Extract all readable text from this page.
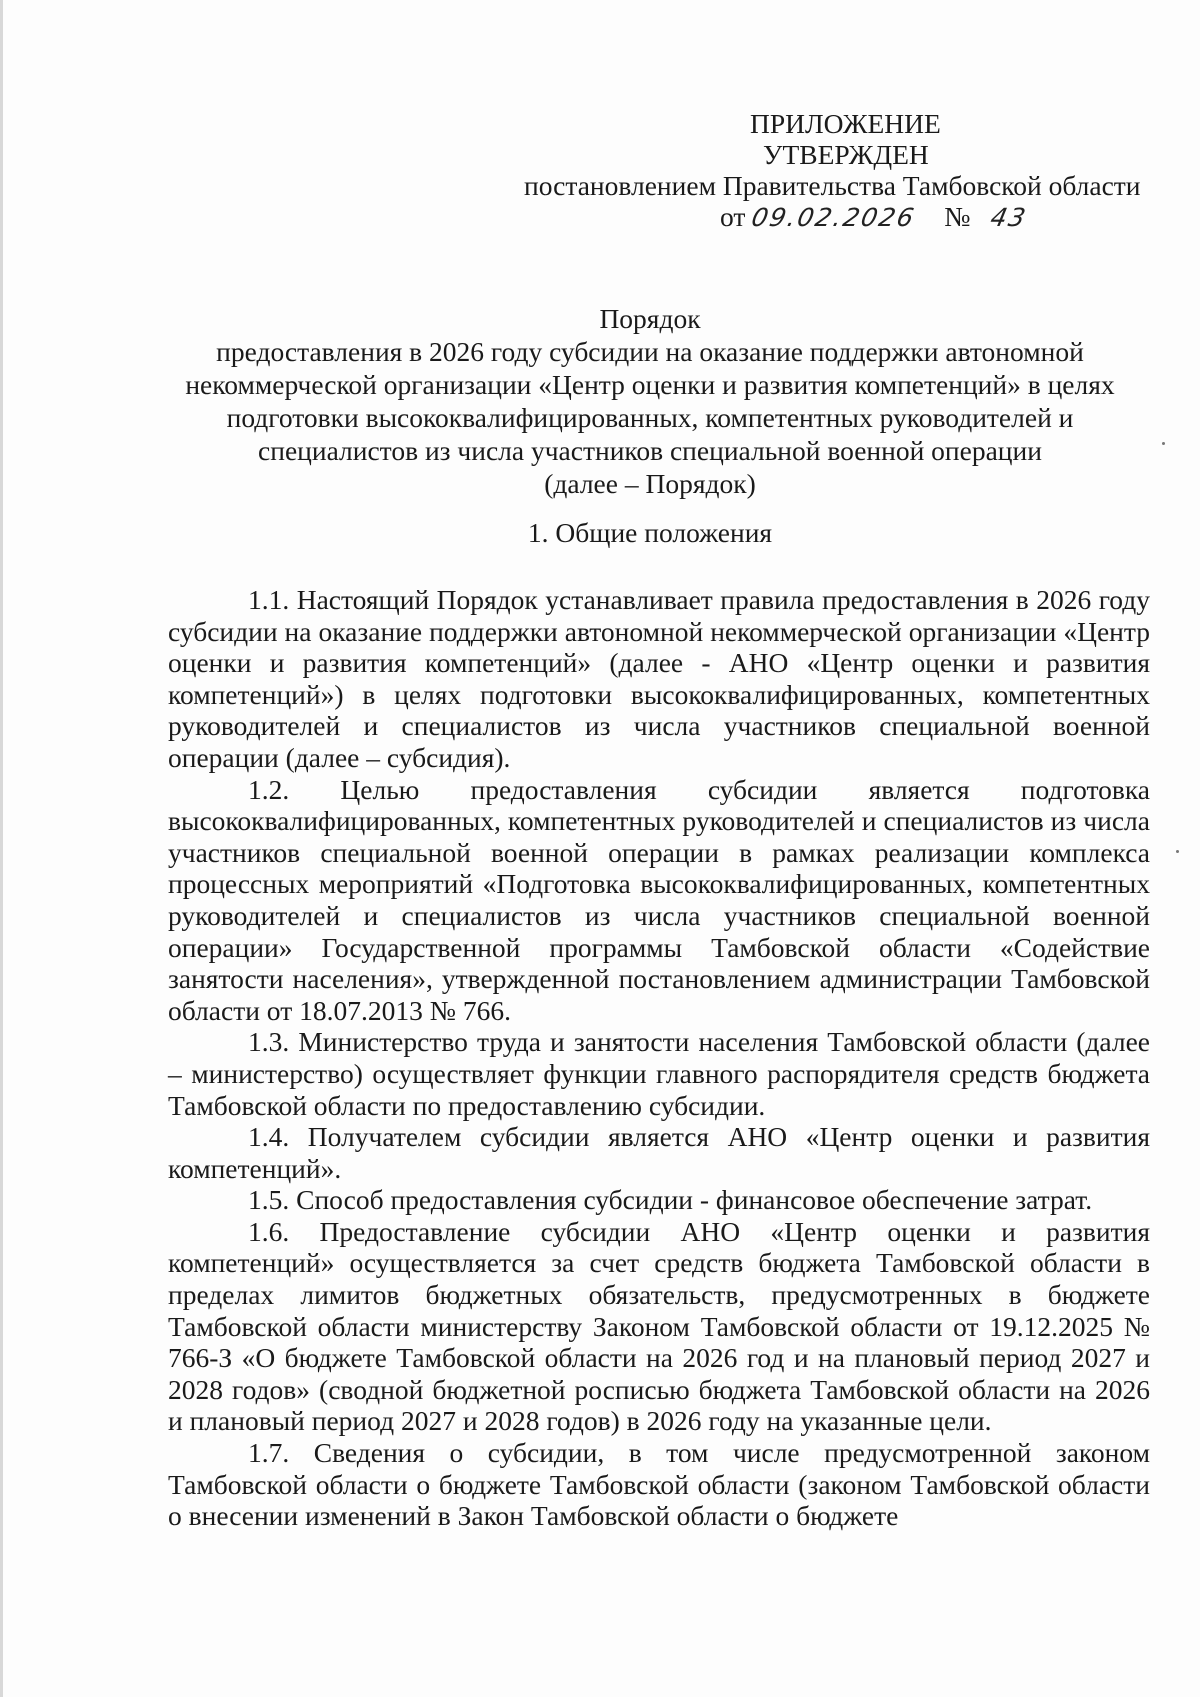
ПРИЛОЖЕНИЕ
УТВЕРЖДЕН
постановлением Правительства Тамбовской области
от 09.02.2026 № 43
Порядок
предоставления в 2026 году субсидии на оказание поддержки автономной
некоммерческой организации «Центр оценки и развития компетенций» в целях
подготовки высококвалифицированных, компетентных руководителей и
специалистов из числа участников специальной военной операции
(далее – Порядок)
1. Общие положения

1.1. Настоящий Порядок устанавливает правила предоставления в 2026 году субсидии на оказание поддержки автономной некоммерческой организации «Центр оценки и развития компетенций» (далее - АНО «Центр оценки и развития компетенций») в целях подготовки высококвалифицированных, компетентных руководителей и специалистов из числа участников специальной военной операции (далее – субсидия).

1.2. Целью предоставления субсидии является подготовка высококвалифицированных, компетентных руководителей и специалистов из числа участников специальной военной операции в рамках реализации комплекса процессных мероприятий «Подготовка высококвалифицированных, компетентных руководителей и специалистов из числа участников специальной военной операции» Государственной программы Тамбовской области «Содействие занятости населения», утвержденной постановлением администрации Тамбовской области от 18.07.2013 № 766.

1.3. Министерство труда и занятости населения Тамбовской области (далее – министерство) осуществляет функции главного распорядителя средств бюджета Тамбовской области по предоставлению субсидии.

1.4. Получателем субсидии является АНО «Центр оценки и развития компетенций».

1.5. Способ предоставления субсидии - финансовое обеспечение затрат.

1.6. Предоставление субсидии АНО «Центр оценки и развития компетенций» осуществляется за счет средств бюджета Тамбовской области в пределах лимитов бюджетных обязательств, предусмотренных в бюджете Тамбовской области министерству Законом Тамбовской области от 19.12.2025 № 766-З «О бюджете Тамбовской области на 2026 год и на плановый период 2027 и 2028 годов» (сводной бюджетной росписью бюджета Тамбовской области на 2026 и плановый период 2027 и 2028 годов) в 2026 году на указанные цели.

1.7. Сведения о субсидии, в том числе предусмотренной законом Тамбовской области о бюджете Тамбовской области (законом Тамбовской области о внесении изменений в Закон Тамбовской области о бюджете
